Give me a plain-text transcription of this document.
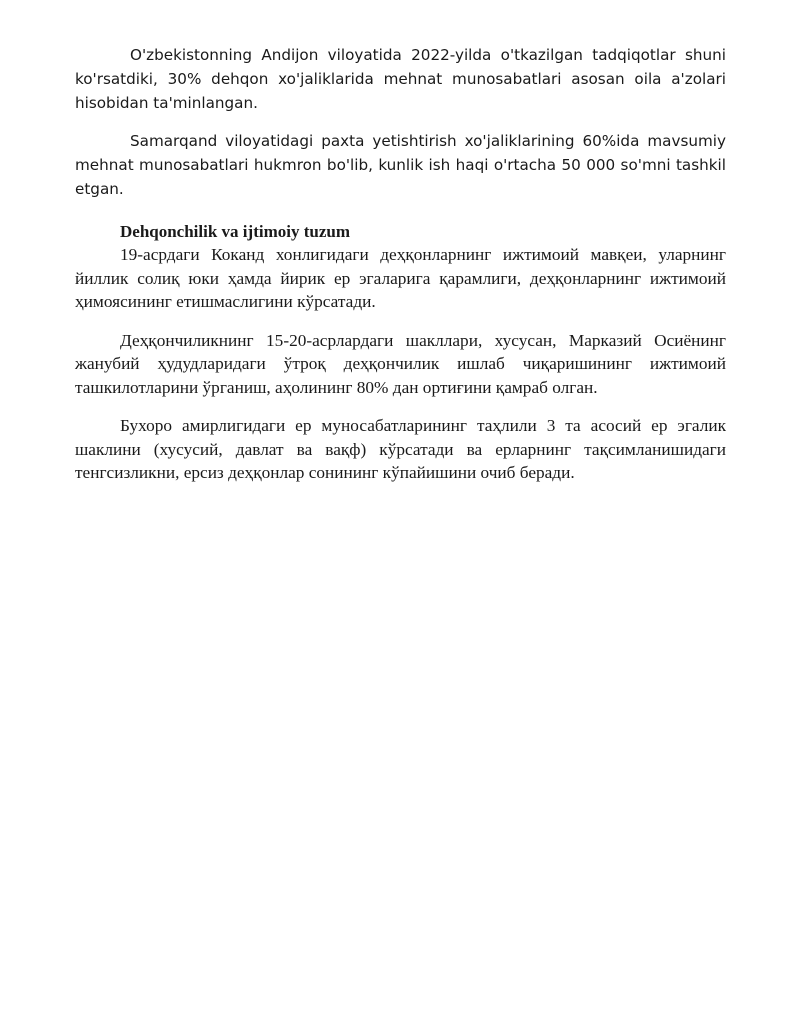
O'zbekistonning Andijon viloyatida 2022-yilda o'tkazilgan tadqiqotlar shuni ko'rsatdiki, 30% dehqon xo'jaliklarida mehnat munosabatlari asosan oila a'zolari hisobidan ta'minlangan.

Samarqand viloyatidagi paxta yetishtirish xo'jaliklarining 60%ida mavsumiy mehnat munosabatlari hukmron bo'lib, kunlik ish haqi o'rtacha 50 000 so'mni tashkil etgan.

Dehqonchilik va ijtimoiy tuzum

19-асрдаги Коканд хонлигидаги деҳқонларнинг ижтимоий мавқеи, уларнинг йиллик солиқ юки ҳамда йирик ер эгаларига қарамлиги, деҳқонларнинг ижтимоий ҳимоясининг етишмаслигини кўрсатади.

Деҳқончиликнинг 15-20-асрлардаги шакллари, хусусан, Марказий Осиёнинг жанубий ҳудудларидаги ўтроқ деҳқончилик ишлаб чиқаришининг ижтимоий ташкилотларини ўрганиш, аҳолининг 80% дан ортиғини қамраб олган.

Бухоро амирлигидаги ер муносабатларининг таҳлили 3 та асосий ер эгалик шаклини (хусусий, давлат ва вақф) кўрсатади ва ерларнинг тақсимланишидаги тенгсизликни, ерсиз деҳқонлар сонининг кўпайишини очиб беради.
